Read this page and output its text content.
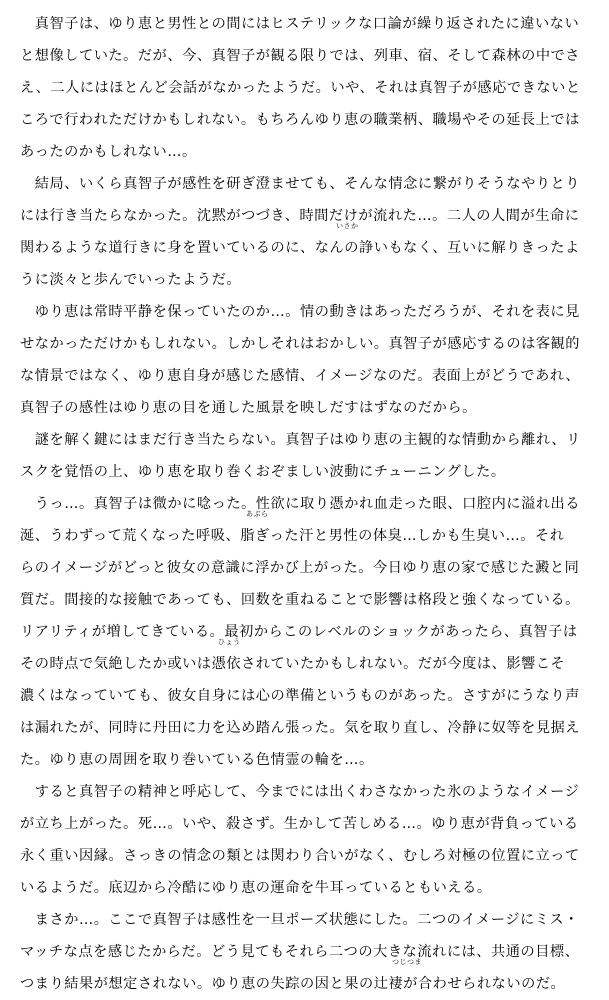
　真智子は、ゆり恵と男性との間にはヒステリックな口論が繰り返されたに違いない
と想像していた。だが、今、真智子が観る限りでは、列車、宿、そして森林の中でさ
え、二人にはほとんど会話がなかったようだ。いや、それは真智子が感応できないと
ころで行われただけかもしれない。もちろんゆり恵の職業柄、職場やその延長上では
あったのかもしれない…。
　結局、いくら真智子が感性を研ぎ澄ませても、そんな情念に繋がりそうなやりとり
には行き当たらなかった。沈黙がつづき、時間だけが流れた…。二人の人間が生命に
関わるような道行きに身を置いているのに、なんの諍いもなく、互いに解りきったよ
いさか
うに淡々と歩んでいったようだ。
　ゆり恵は常時平静を保っていたのか…。情の動きはあっただろうが、それを表に見
せなかっただけかもしれない。しかしそれはおかしい。真智子が感応するのは客観的
な情景ではなく、ゆり恵自身が感じた感情、イメージなのだ。表面上がどうであれ、
真智子の感性はゆり恵の目を通した風景を映しだすはずなのだから。
　謎を解く鍵にはまだ行き当たらない。真智子はゆり恵の主観的な情動から離れ、リ
スクを覚悟の上、ゆり恵を取り巻くおぞましい波動にチューニングした。
　うっ…。真智子は微かに唸った。性欲に取り憑かれ血走った眼、口腔内に溢れ出る
涎、うわずって荒くなった呼吸、脂ぎった汗と男性の体臭…しかも生臭い…。それ
あぶら
らのイメージがどっと彼女の意識に浮かび上がった。今日ゆり恵の家で感じた澱と同
質だ。間接的な接触であっても、回数を重ねることで影響は格段と強くなっている。
リアリティが増してきている。最初からこのレベルのショックがあったら、真智子は
その時点で気絶したか或いは憑依されていたかもしれない。だが今度は、影響こそ
ひょう
濃くはなっていても、彼女自身には心の準備というものがあった。さすがにうなり声
は漏れたが、同時に丹田に力を込め踏ん張った。気を取り直し、冷静に奴等を見据え
た。ゆり恵の周囲を取り巻いている色情霊の輪を…。
　すると真智子の精神と呼応して、今までには出くわさなかった氷のようなイメージ
が立ち上がった。死…。いや、殺さず。生かして苦しめる…。ゆり恵が背負っている
永く重い因縁。さっきの情念の類とは関わり合いがなく、むしろ対極の位置に立って
いるようだ。底辺から冷酷にゆり恵の運命を牛耳っているともいえる。
　まさか…。ここで真智子は感性を一旦ポーズ状態にした。二つのイメージにミス・
マッチな点を感じたからだ。どう見てもそれら二つの大きな流れには、共通の目標、
つまり結果が想定されない。ゆり恵の失踪の因と果の辻褄が合わせられないのだ。
つじつま
